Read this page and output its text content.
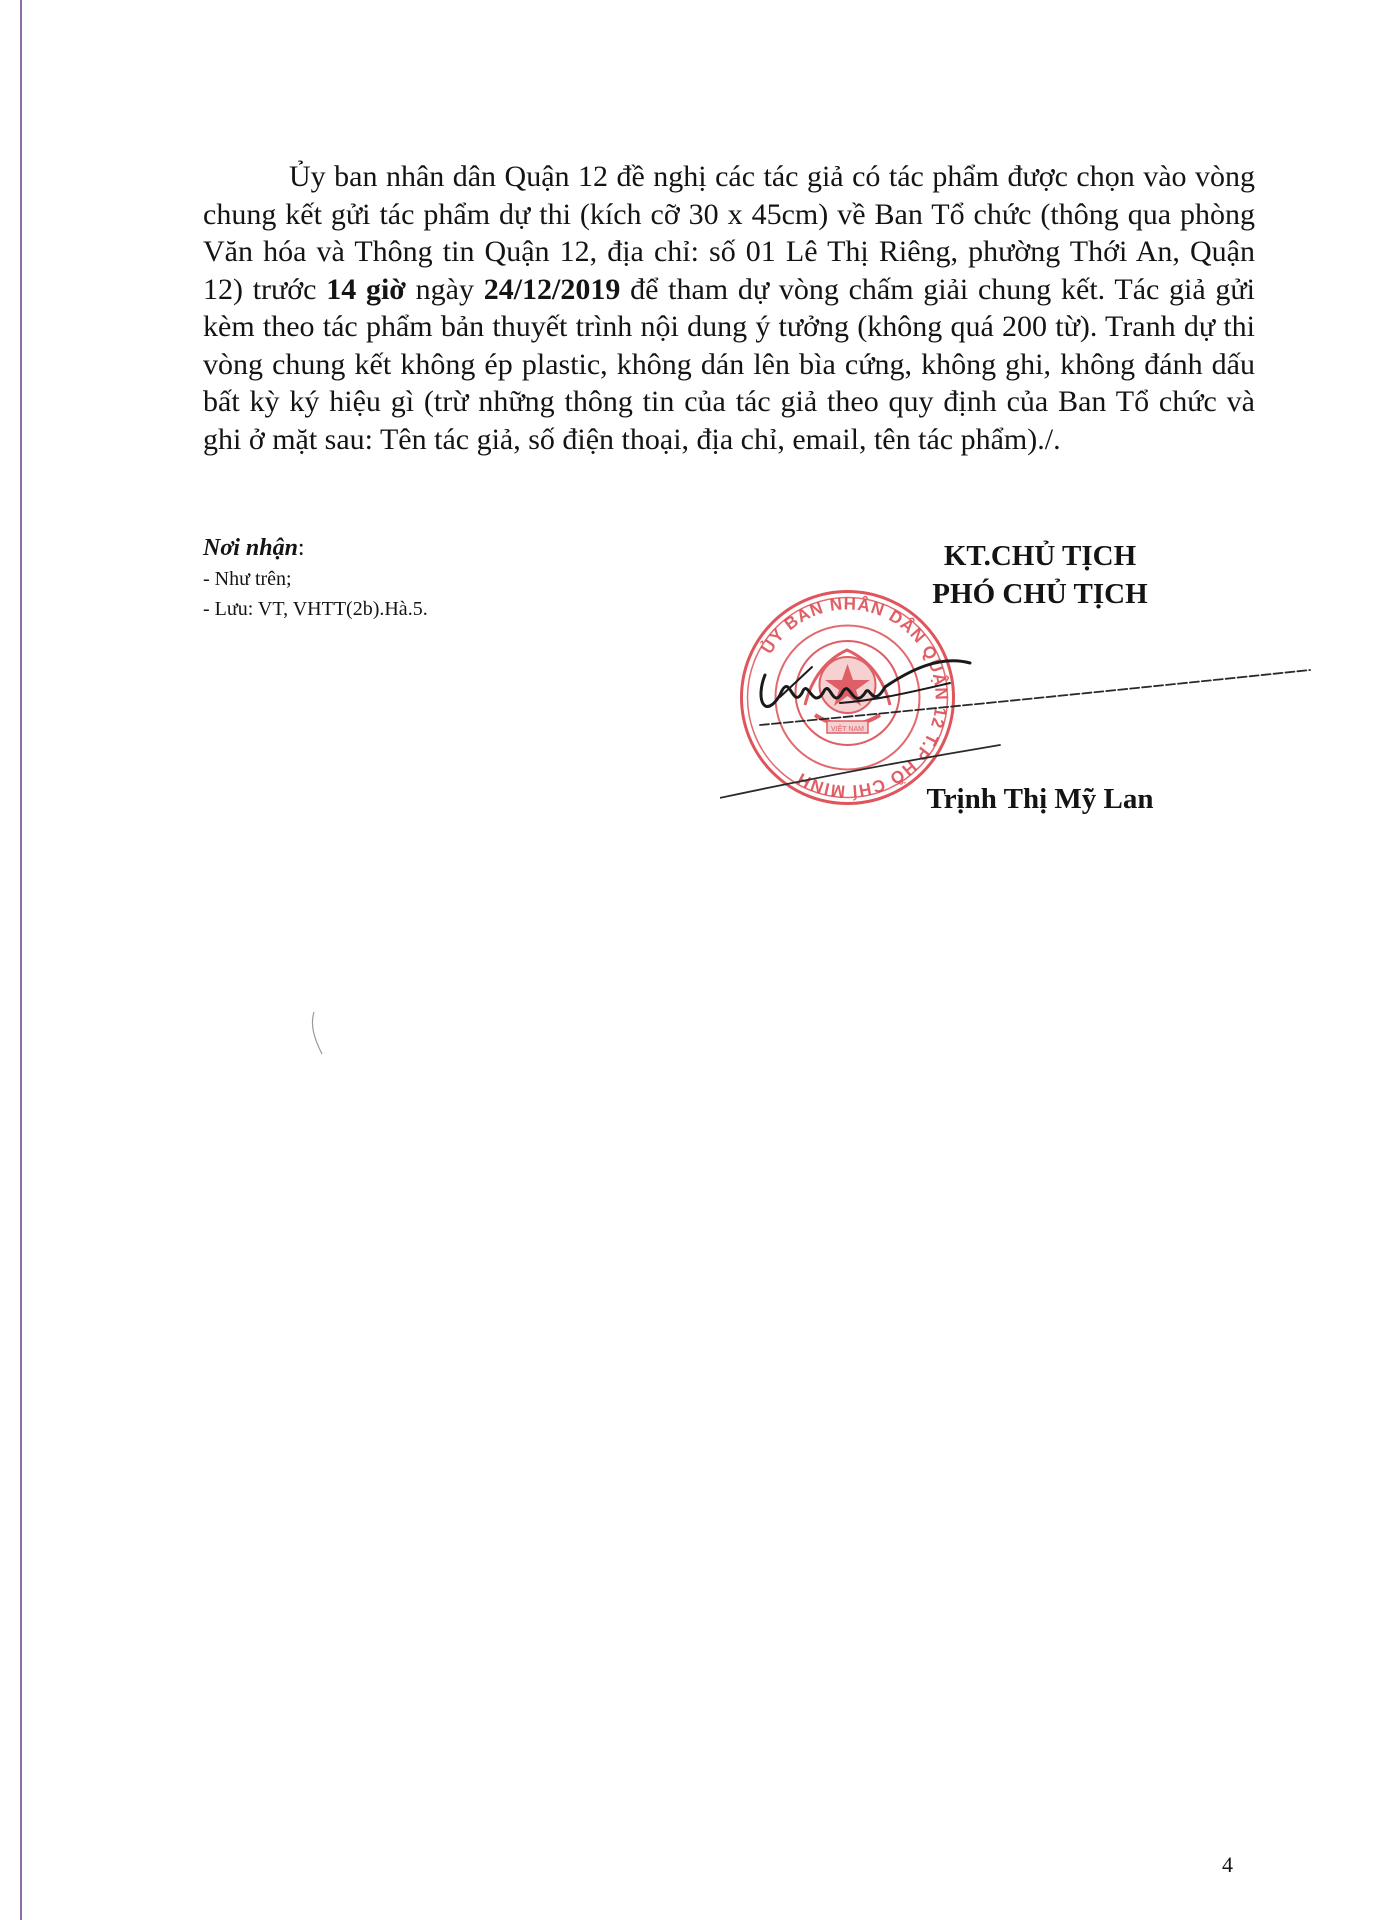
Ủy ban nhân dân Quận 12 đề nghị các tác giả có tác phẩm được chọn vào vòng chung kết gửi tác phẩm dự thi (kích cỡ 30 x 45cm) về Ban Tổ chức (thông qua phòng Văn hóa và Thông tin Quận 12, địa chỉ: số 01 Lê Thị Riêng, phường Thới An, Quận 12) trước 14 giờ ngày 24/12/2019 để tham dự vòng chấm giải chung kết. Tác giả gửi kèm theo tác phẩm bản thuyết trình nội dung ý tưởng (không quá 200 từ). Tranh dự thi vòng chung kết không ép plastic, không dán lên bìa cứng, không ghi, không đánh dấu bất kỳ ký hiệu gì (trừ những thông tin của tác giả theo quy định của Ban Tổ chức và ghi ở mặt sau: Tên tác giả, số điện thoại, địa chỉ, email, tên tác phẩm)./.

Nơi nhận:
- Như trên;
- Lưu: VT, VHTT(2b).Hà.5.
ỦY BAN NHÂN DÂN QUẬN 12 T.P HỒ CHÍ MINH
VIỆT NAM
KT.CHỦ TỊCH
PHÓ CHỦ TỊCH
Trịnh Thị Mỹ Lan
4
